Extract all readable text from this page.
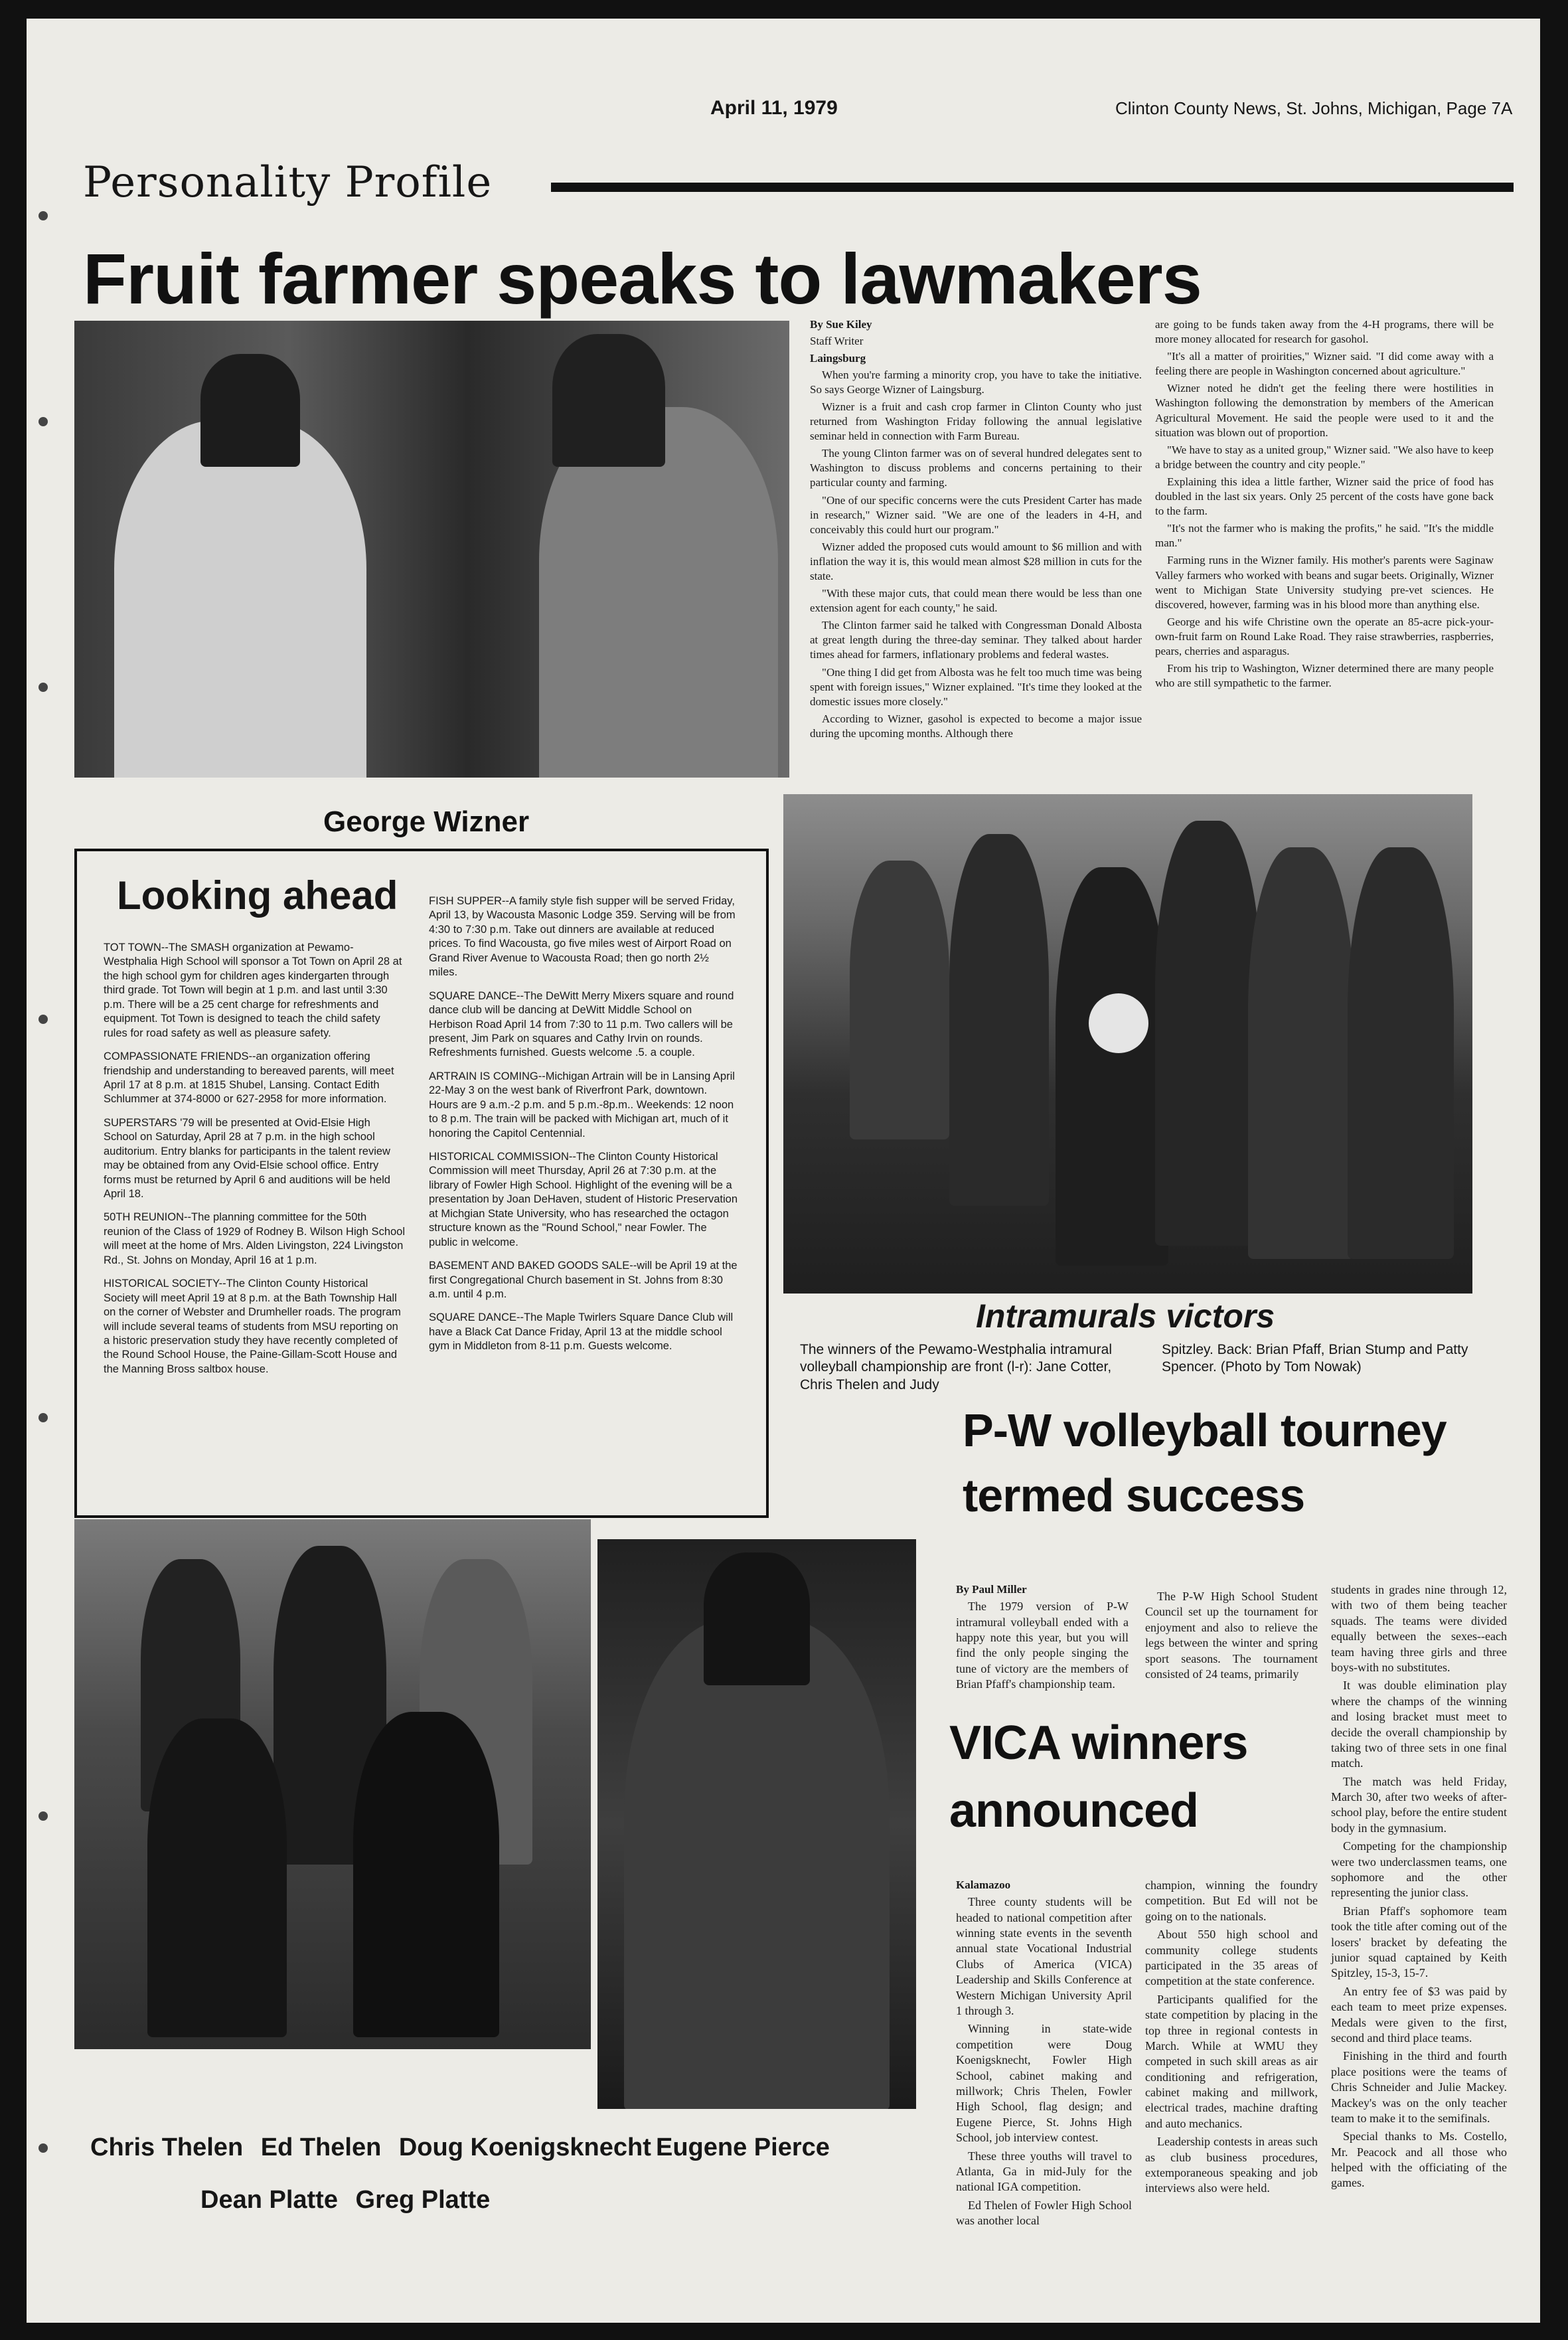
April 11, 1979	Clinton County News, St. Johns, Michigan, Page 7A
Personality Profile
Fruit farmer speaks to lawmakers
George Wizner

By Sue Kiley

Staff Writer

Laingsburg

When you're farming a minority crop, you have to take the initiative. So says George Wizner of Laingsburg.

Wizner is a fruit and cash crop farmer in Clinton County who just returned from Washington Friday following the annual legislative seminar held in connection with Farm Bureau.

The young Clinton farmer was on of several hundred delegates sent to Washington to discuss problems and concerns pertaining to their particular county and farming.

"One of our specific concerns were the cuts President Carter has made in research," Wizner said. "We are one of the leaders in 4-H, and conceivably this could hurt our program."

Wizner added the proposed cuts would amount to $6 million and with inflation the way it is, this would mean almost $28 million in cuts for the state.

"With these major cuts, that could mean there would be less than one extension agent for each county," he said.

The Clinton farmer said he talked with Congressman Donald Albosta at great length during the three-day seminar. They talked about harder times ahead for farmers, inflationary problems and federal wastes.

"One thing I did get from Albosta was he felt too much time was being spent with foreign issues," Wizner explained. "It's time they looked at the domestic issues more closely."

According to Wizner, gasohol is expected to become a major issue during the upcoming months. Although there

are going to be funds taken away from the 4-H programs, there will be more money allocated for research for gasohol.

"It's all a matter of proirities," Wizner said. "I did come away with a feeling there are people in Washington concerned about agriculture."

Wizner noted he didn't get the feeling there were hostilities in Washington following the demonstration by members of the American Agricultural Movement. He said the people were used to it and the situation was blown out of proportion.

"We have to stay as a united group," Wizner said. "We also have to keep a bridge between the country and city people."

Explaining this idea a little farther, Wizner said the price of food has doubled in the last six years. Only 25 percent of the costs have gone back to the farm.

"It's not the farmer who is making the profits," he said. "It's the middle man."

Farming runs in the Wizner family. His mother's parents were Saginaw Valley farmers who worked with beans and sugar beets. Originally, Wizner went to Michigan State University studying pre-vet sciences. He discovered, however, farming was in his blood more than anything else.

George and his wife Christine own the operate an 85-acre pick-your-own-fruit farm on Round Lake Road. They raise strawberries, raspberries, pears, cherries and asparagus.

From his trip to Washington, Wizner determined there are many people who are still sympathetic to the farmer.

Looking ahead

TOT TOWN--The SMASH organization at Pewamo-Westphalia High School will sponsor a Tot Town on April 28 at the high school gym for children ages kindergarten through third grade. Tot Town will begin at 1 p.m. and last until 3:30 p.m. There will be a 25 cent charge for refreshments and equipment. Tot Town is designed to teach the child safety rules for road safety as well as pleasure safety.

COMPASSIONATE FRIENDS--an organization offering friendship and understanding to bereaved parents, will meet April 17 at 8 p.m. at 1815 Shubel, Lansing. Contact Edith Schlummer at 374-8000 or 627-2958 for more information.

SUPERSTARS '79 will be presented at Ovid-Elsie High School on Saturday, April 28 at 7 p.m. in the high school auditorium. Entry blanks for participants in the talent review may be obtained from any Ovid-Elsie school office. Entry forms must be returned by April 6 and auditions will be held April 18.

50TH REUNION--The planning committee for the 50th reunion of the Class of 1929 of Rodney B. Wilson High School will meet at the home of Mrs. Alden Livingston, 224 Livingston Rd., St. Johns on Monday, April 16 at 1 p.m.

HISTORICAL SOCIETY--The Clinton County Historical Society will meet April 19 at 8 p.m. at the Bath Township Hall on the corner of Webster and Drumheller roads. The program will include several teams of students from MSU reporting on a historic preservation study they have recently completed of the Round School House, the Paine-Gillam-Scott House and the Manning Bross saltbox house.

FISH SUPPER--A family style fish supper will be served Friday, April 13, by Wacousta Masonic Lodge 359. Serving will be from 4:30 to 7:30 p.m. Take out dinners are available at reduced prices. To find Wacousta, go five miles west of Airport Road on Grand River Avenue to Wacousta Road; then go north 2½ miles.

SQUARE DANCE--The DeWitt Merry Mixers square and round dance club will be dancing at DeWitt Middle School on Herbison Road April 14 from 7:30 to 11 p.m. Two callers will be present, Jim Park on squares and Cathy Irvin on rounds. Refreshments furnished. Guests welcome .5. a couple.

ARTRAIN IS COMING--Michigan Artrain will be in Lansing April 22-May 3 on the west bank of Riverfront Park, downtown. Hours are 9 a.m.-2 p.m. and 5 p.m.-8p.m.. Weekends: 12 noon to 8 p.m. The train will be packed with Michigan art, much of it honoring the Capitol Centennial.

HISTORICAL COMMISSION--The Clinton County Historical Commission will meet Thursday, April 26 at 7:30 p.m. at the library of Fowler High School. Highlight of the evening will be a presentation by Joan DeHaven, student of Historic Preservation at Michgian State University, who has researched the octagon structure known as the "Round School," near Fowler. The public in welcome.

BASEMENT AND BAKED GOODS SALE--will be April 19 at the first Congregational Church basement in St. Johns from 8:30 a.m. until 4 p.m.

SQUARE DANCE--The Maple Twirlers Square Dance Club will have a Black Cat Dance Friday, April 13 at the middle school gym in Middleton from 8-11 p.m. Guests welcome.

Intramurals victors
The winners of the Pewamo-Westphalia intramural volleyball championship are front (l-r): Jane Cotter, Chris Thelen and Judy
Spitzley. Back: Brian Pfaff, Brian Stump and Patty Spencer. (Photo by Tom Nowak)
P-W volleyball tourney
termed success

By Paul Miller

The 1979 version of P-W intramural volleyball ended with a happy note this year, but you will find the only people singing the tune of victory are the members of Brian Pfaff's championship team.

The P-W High School Student Council set up the tournament for enjoyment and also to relieve the legs between the winter and spring sport seasons. The tournament consisted of 24 teams, primarily

students in grades nine through 12, with two of them being teacher squads. The teams were divided equally between the sexes--each team having three girls and three boys-with no substitutes.

It was double elimination play where the champs of the winning and losing bracket must meet to decide the overall championship by taking two of three sets in one final match.

The match was held Friday, March 30, after two weeks of after-school play, before the entire student body in the gymnasium.

Competing for the championship were two underclassmen teams, one sophomore and the other representing the junior class.

Brian Pfaff's sophomore team took the title after coming out of the losers' bracket by defeating the junior squad captained by Keith Spitzley, 15-3, 15-7.

An entry fee of $3 was paid by each team to meet prize expenses. Medals were given to the first, second and third place teams.

Finishing in the third and fourth place positions were the teams of Chris Schneider and Julie Mackey. Mackey's was on the only teacher team to make it to the semifinals.

Special thanks to Ms. Costello, Mr. Peacock and all those who helped with the officiating of the games.

VICA winners
announced

Kalamazoo

Three county students will be headed to national competition after winning state events in the seventh annual state Vocational Industrial Clubs of America (VICA) Leadership and Skills Conference at Western Michigan University April 1 through 3.

Winning in state-wide competition were Doug Koenigsknecht, Fowler High School, cabinet making and millwork; Chris Thelen, Fowler High School, flag design; and Eugene Pierce, St. Johns High School, job interview contest.

These three youths will travel to Atlanta, Ga in mid-July for the national IGA competition.

Ed Thelen of Fowler High School was another local

champion, winning the foundry competition. But Ed will not be going on to the nationals.

About 550 high school and community college students participated in the 35 areas of competition at the state conference.

Participants qualified for the state competition by placing in the top three in regional contests in March. While at WMU they competed in such skill areas as air conditioning and refrigeration, cabinet making and millwork, electrical trades, machine drafting and auto mechanics.

Leadership contests in areas such as club business procedures, extemporaneous speaking and job interviews also were held.

Chris Thelen Ed Thelen Doug Koenigsknecht
Dean Platte Greg Platte
Eugene Pierce
